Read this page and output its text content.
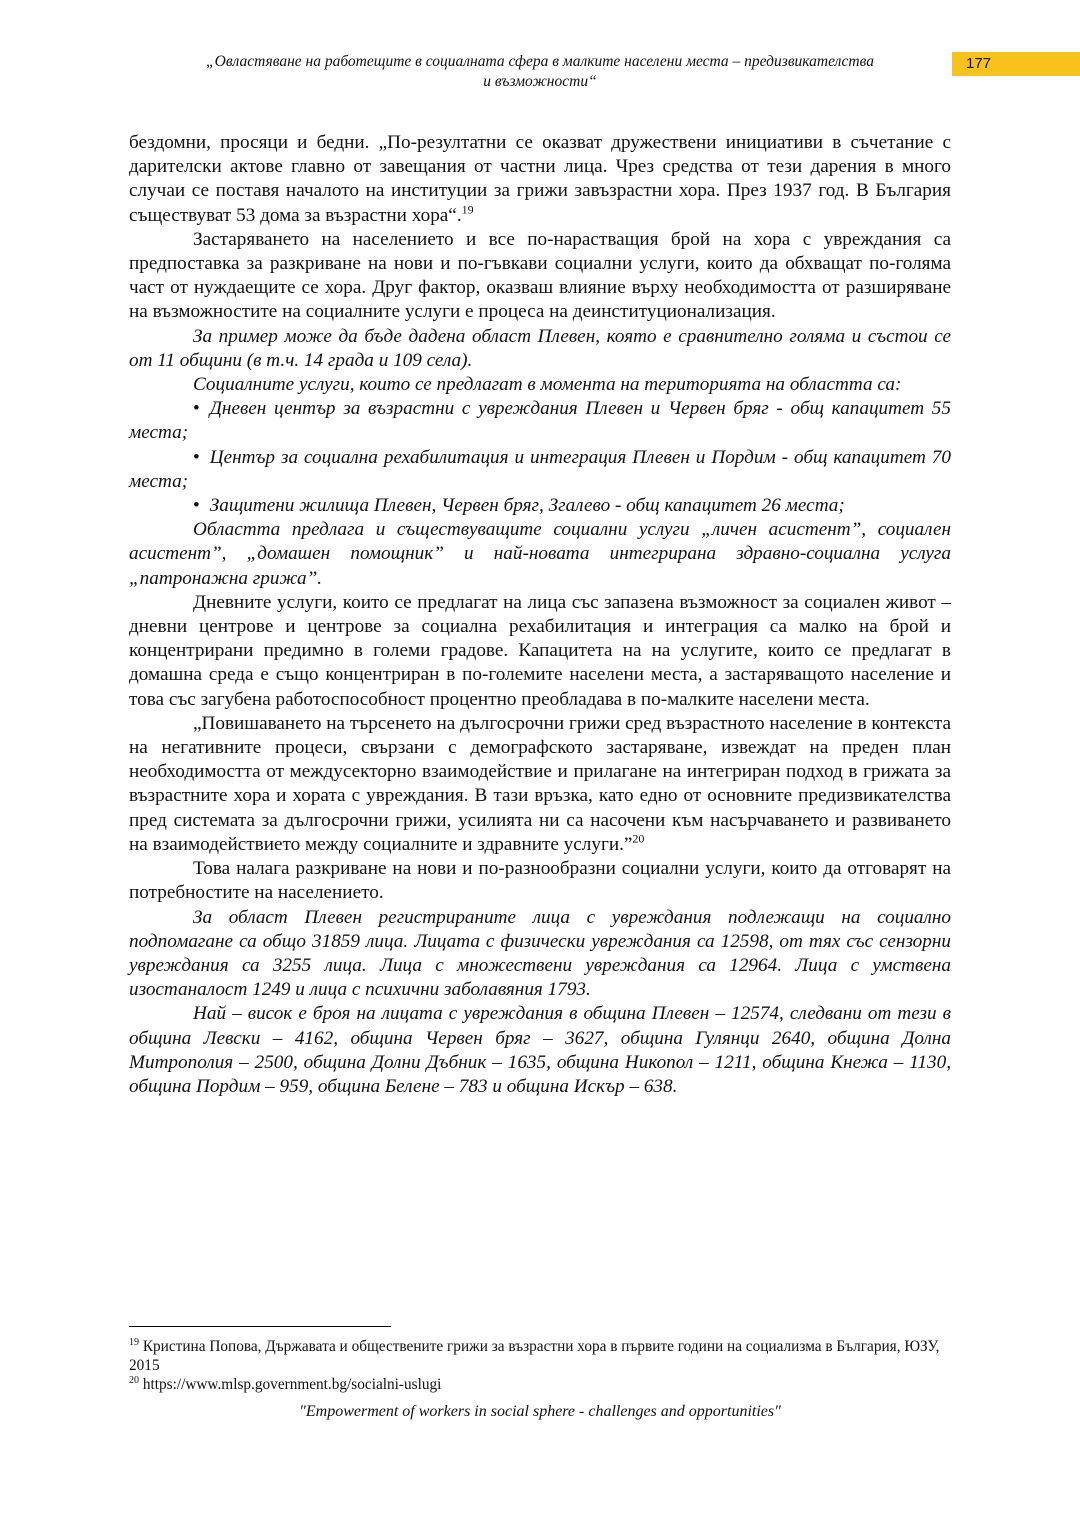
„Овластяване на работещите в социалната сфера в малките населени места – предизвикателства
и възможности“
177

бездомни, просяци и бедни. „По-резултатни се оказват дружествени инициативи в съчетание с дарителски актове главно от завещания от частни лица. Чрез средства от тези дарения в много случаи се поставя началото на институции за грижи завъзрастни хора. През 1937 год. В България съществуват 53 дома за възрастни хора“.$^{19}$

Застаряването на населението и все по-нарастващия брой на хора с увреждания са предпоставка за разкриване на нови и по-гъвкави социални услуги, които да обхващат по-голяма част от нуждаещите се хора. Друг фактор, оказваш влияние върху необходимостта от разширяване на възможностите на социалните услуги е процеса на деинституционализация.

За пример може да бъде дадена област Плевен, която е сравнително голяма и състои се от 11 общини (в т.ч. 14 града и 109 села).

Социалните услуги, които се предлагат в момента на територията на областта са:

• Дневен център за възрастни с увреждания Плевен и Червен бряг - общ капацитет 55 места;

• Център за социална рехабилитация и интеграция Плевен и Пордим - общ капацитет 70 места;

• Защитени жилища Плевен, Червен бряг, Згалево - общ капацитет 26 места;

Областта предлага и съществуващите социални услуги „личен асистент”, социален асистент”, „домашен помощник” и най-новата интегрирана здравно-социална услуга „патронажна грижа”.

Дневните услуги, които се предлагат на лица със запазена възможност за социален живот – дневни центрове и центрове за социална рехабилитация и интеграция са малко на брой и концентрирани предимно в големи градове. Капацитета на на услугите, които се предлагат в домашна среда е също концентриран в по-големите населени места, а застаряващото население и това със загубена работоспособност процентно преобладава в по-малките населени места.

„Повишаването на търсенето на дългосрочни грижи сред възрастното население в контекста на негативните процеси, свързани с демографското застаряване, извеждат на преден план необходимостта от междусекторно взаимодействие и прилагане на интегриран подход в грижата за възрастните хора и хората с увреждания. В тази връзка, като едно от основните предизвикателства пред системата за дългосрочни грижи, усилията ни са насочени към насърчаването и развиването на взаимодействието между социалните и здравните услуги.”$^{20}$

Това налага разкриване на нови и по-разнообразни социални услуги, които да отговарят на потребностите на населението.

За област Плевен регистрираните лица с увреждания подлежащи на социално подпомагане са общо 31859 лица. Лицата с физически увреждания са 12598, от тях със сензорни увреждания са 3255 лица. Лица с множествени увреждания са 12964. Лица с умствена изостаналост 1249 и лица с психични заболавяния 1793.

Най – висок е броя на лицата с увреждания в община Плевен – 12574, следвани от тези в община Левски – 4162, община Червен бряг – 3627, община Гулянци 2640, община Долна Митрополия – 2500, община Долни Дъбник – 1635, община Никопол – 1211, община Кнежа – 1130, община Пордим – 959, община Белене – 783 и община Искър – 638.

$^{19}$ Кристина Попова, Държавата и обществените грижи за възрастни хора в първите години на социализма в България, ЮЗУ, 2015

$^{20}$ https://www.mlsp.government.bg/socialni-uslugi

"Empowerment of workers in social sphere - challenges and opportunities"
